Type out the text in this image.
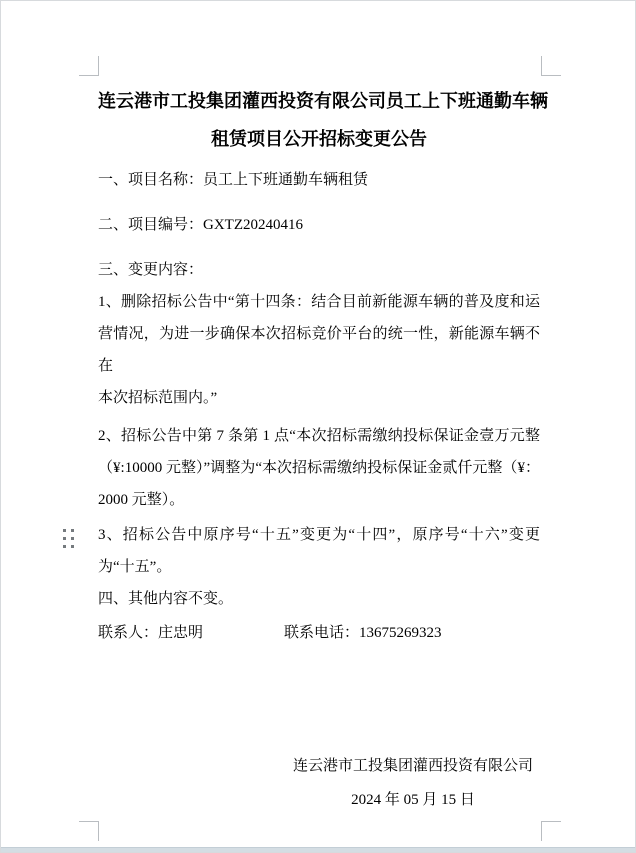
连云港市工投集团灌西投资有限公司员工上下班通勤车辆
租赁项目公开招标变更公告
一、项目名称：员工上下班通勤车辆租赁
二、项目编号：GXTZ20240416
三、变更内容：
1、删除招标公告中“第十四条：结合目前新能源车辆的普及度和运
营情况，为进一步确保本次招标竞价平台的统一性，新能源车辆不在
本次招标范围内。”
2、招标公告中第 7 条第 1 点“本次招标需缴纳投标保证金壹万元整
（¥:10000 元整）”调整为“本次招标需缴纳投标保证金贰仟元整（¥：
2000 元整）。
3、招标公告中原序号“十五”变更为“十四”，原序号“十六”变更
为“十五”。
四、其他内容不变。
联系人：庄忠明	联系电话：13675269323
连云港市工投集团灌西投资有限公司
2024 年 05 月 15 日
